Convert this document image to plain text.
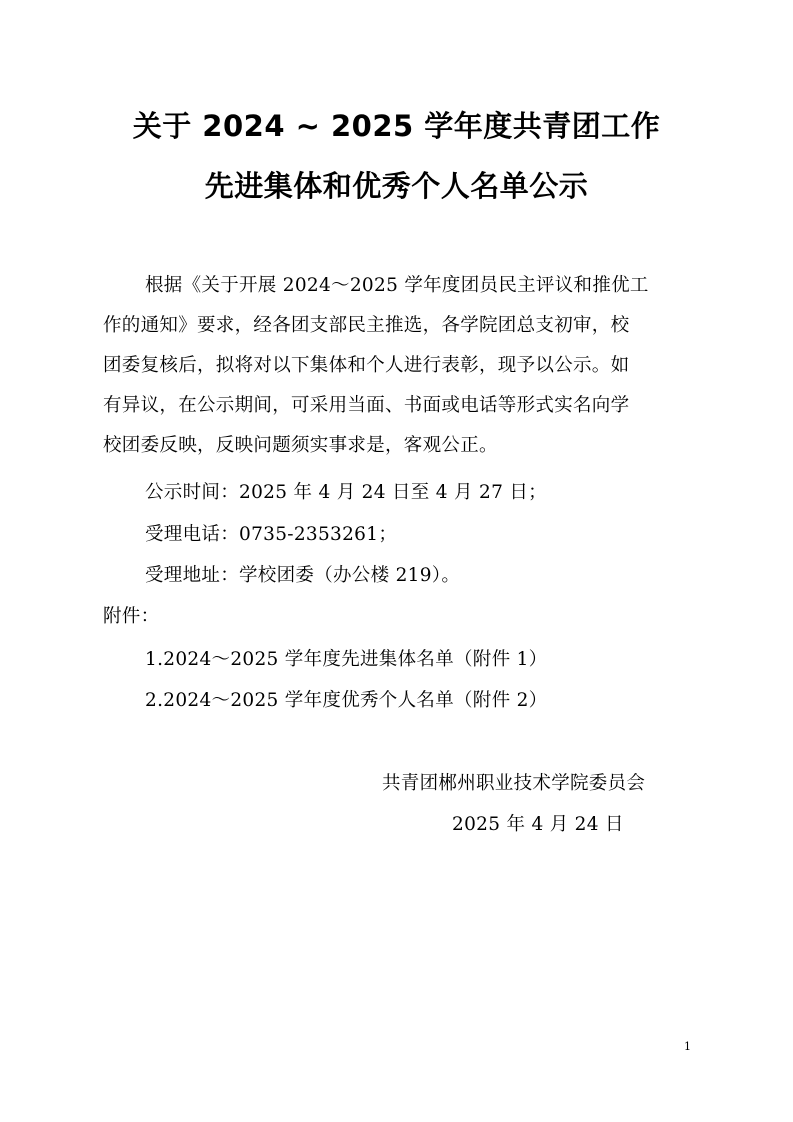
关于 2024 ~ 2025 学年度共青团工作
先进集体和优秀个人名单公示
根据《关于开展 2024～2025 学年度团员民主评议和推优工
作的通知》要求，经各团支部民主推选，各学院团总支初审，校
团委复核后，拟将对以下集体和个人进行表彰，现予以公示。如
有异议，在公示期间，可采用当面、书面或电话等形式实名向学
校团委反映，反映问题须实事求是，客观公正。
公示时间：2025 年 4 月 24 日至 4 月 27 日；
受理电话：0735-2353261；
受理地址：学校团委（办公楼 219）。
附件：
1.2024～2025 学年度先进集体名单（附件 1）
2.2024～2025 学年度优秀个人名单（附件 2）
共青团郴州职业技术学院委员会
2025 年 4 月 24 日
1
